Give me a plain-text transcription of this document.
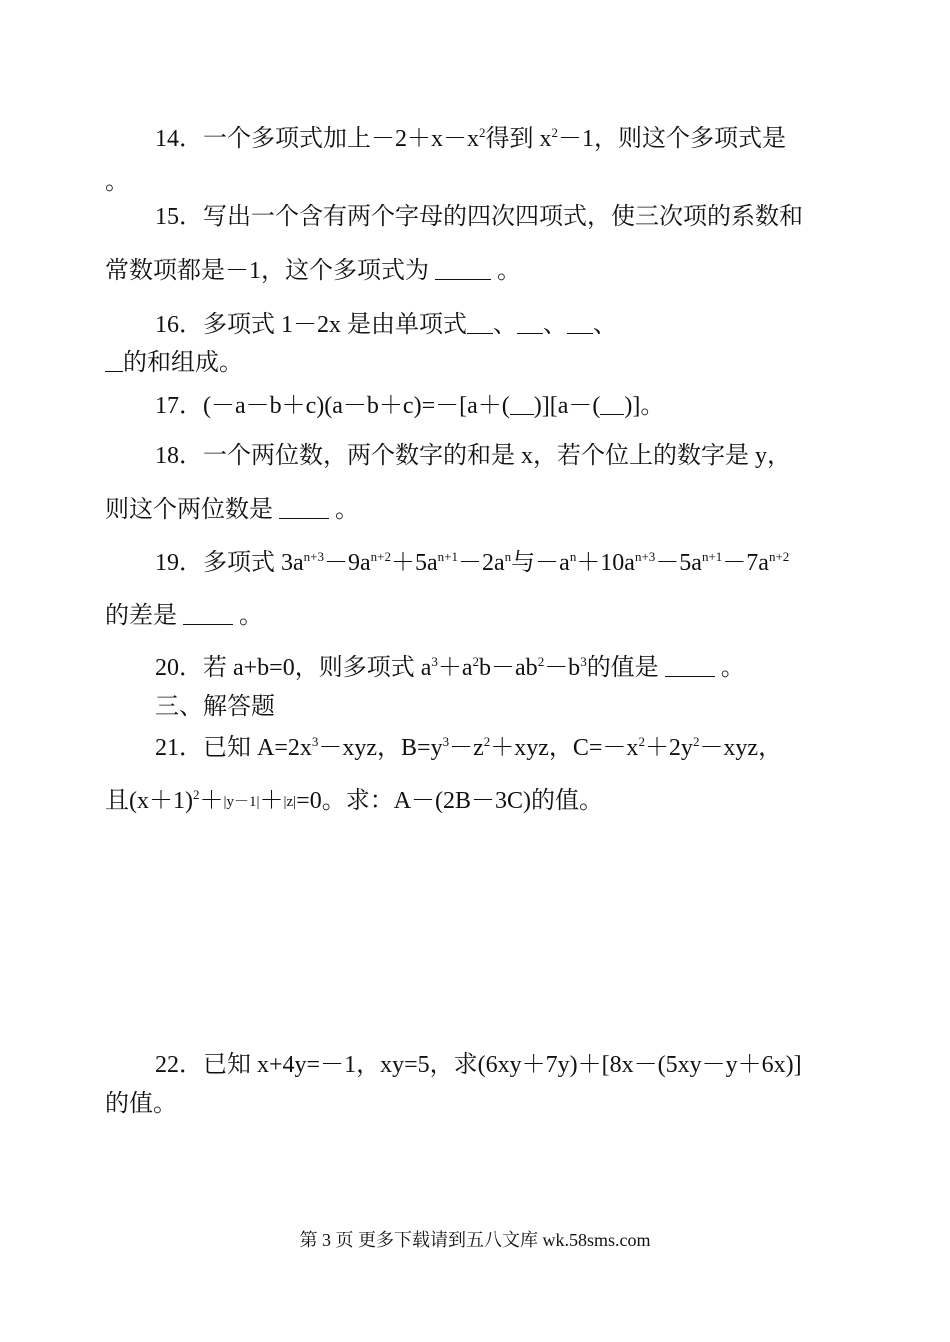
14．一个多项式加上$-2+x-x^2$得到 $x^2-1$，则这个多项式是
。
15．写出一个含有两个字母的四次四项式，使三次项的系数和
常数项都是－1，这个多项式为	。
16．多项式 1－2x 是由单项式 、 、 、
的和组成。
17．(－a－b＋c)(a－b＋c)=－[a＋( )][a－( )]。
18．一个两位数，两个数字的和是 x，若个位上的数字是 y，
则这个两位数是	。
19．多项式 $3a^{n+3}-9a^{n+2}+5a^{n+1}-2a^n$与$-a^n+10a^{n+3}-5a^{n+1}-7a^{n+2}$
的差是	。
20．若 a+b=0，则多项式 $a^3+a^2b-ab^2-b^3$的值是	。
三、解答题
21．已知 $A=2x^3-xyz$，$B=y^3-z^2+xyz$，$C=-x^2+2y^2-xyz$，
且$(x+1)^2+|y-1|+|z|=0$。求：A－(2B－3C)的值。
22．已知 x+4y=－1，xy=5，求(6xy＋7y)＋[8x－(5xy－y＋6x)]
的值。
第 3 页 更多下载请到五八文库 wk.58sms.com
